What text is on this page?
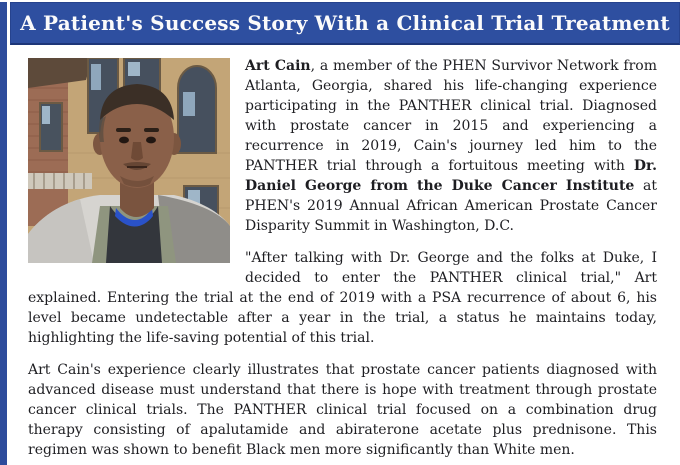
A Patient's Success Story With a Clinical Trial Treatment

Art Cain, a member of the PHEN Survivor Network from Atlanta, Georgia, shared his life-changing experience participating in the PANTHER clinical trial. Diagnosed with prostate cancer in 2015 and experiencing a recurrence in 2019, Cain's journey led him to the PANTHER trial through a fortuitous meeting with Dr. Daniel George from the Duke Cancer Institute at PHEN's 2019 Annual African American Prostate Cancer Disparity Summit in Washington, D.C.

"After talking with Dr. George and the folks at Duke, I decided to enter the PANTHER clinical trial," Art explained. Entering the trial at the end of 2019 with a PSA recurrence of about 6, his level became undetectable after a year in the trial, a status he maintains today, highlighting the life-saving potential of this trial.

Art Cain's experience clearly illustrates that prostate cancer patients diagnosed with advanced disease must understand that there is hope with treatment through prostate cancer clinical trials. The PANTHER clinical trial focused on a combination drug therapy consisting of apalutamide and abiraterone acetate plus prednisone. This regimen was shown to benefit Black men more significantly than White men.
